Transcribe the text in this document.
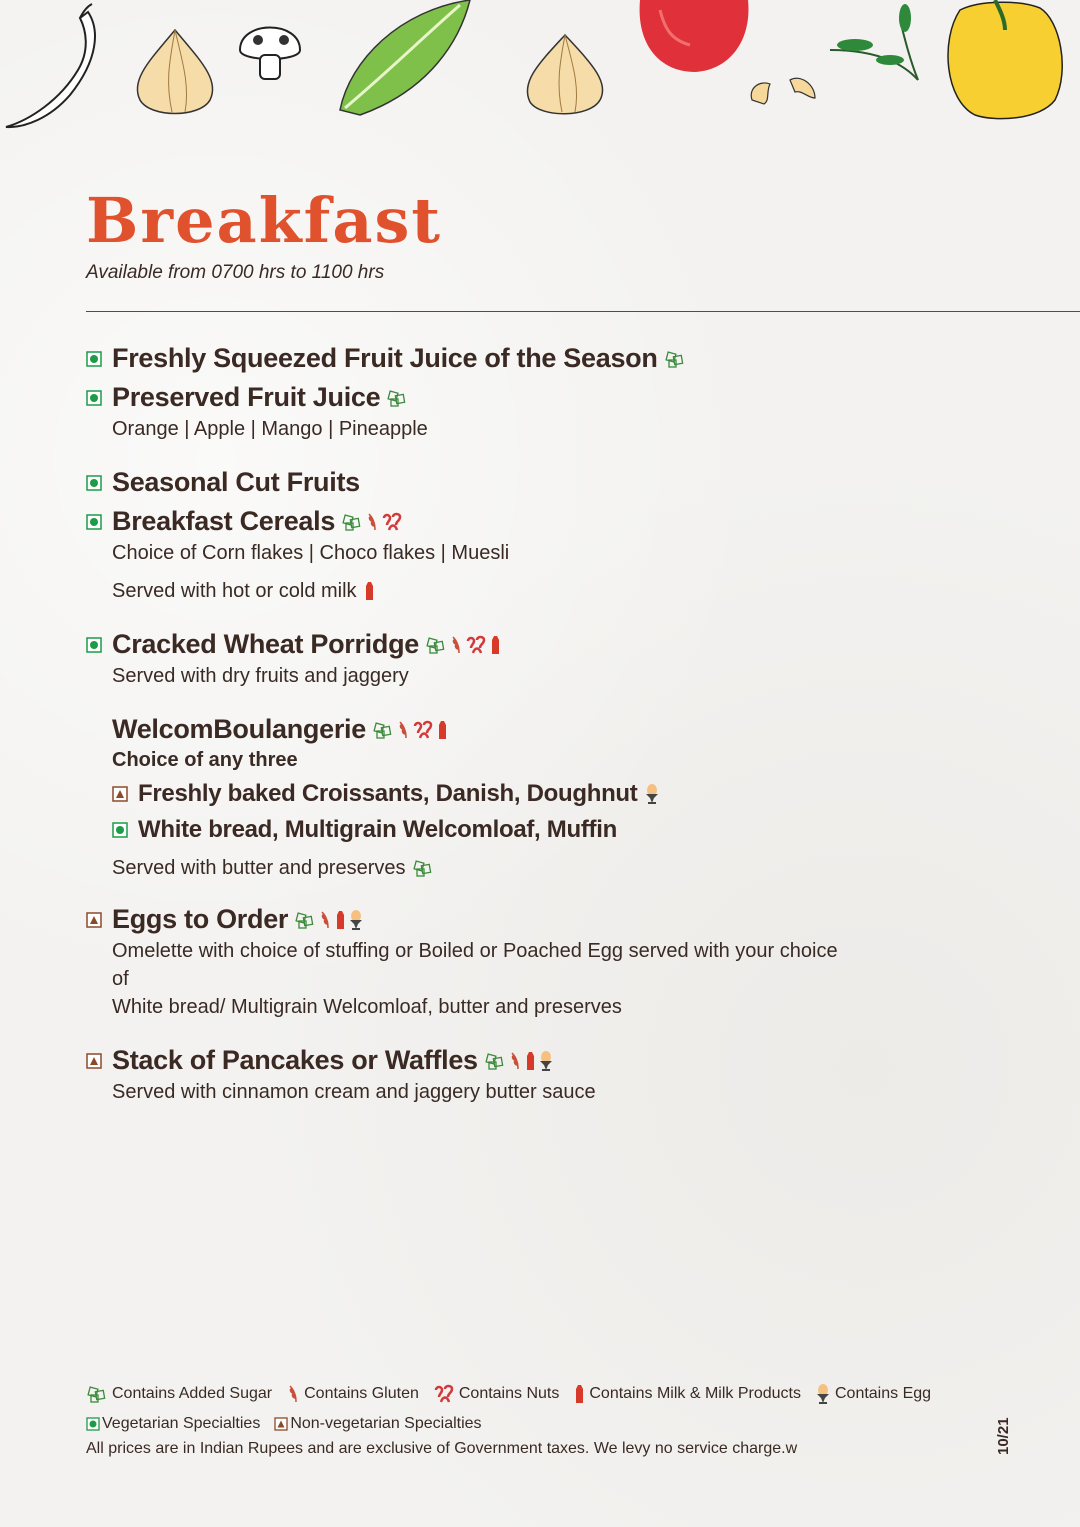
Breakfast
Available from 0700 hrs to 1100 hrs
Freshly Squeezed Fruit Juice of the Season
Preserved Fruit Juice
Orange | Apple | Mango | Pineapple
Seasonal Cut Fruits
Breakfast Cereals
Choice of Corn flakes | Choco flakes | Muesli
Served with hot or cold milk
Cracked Wheat Porridge
Served with dry fruits and jaggery
WelcomBoulangerie
Choice of any three
Freshly baked Croissants, Danish, Doughnut
White bread, Multigrain Welcomloaf, Muffin
Served with butter and preserves
Eggs to Order
Omelette with choice of stuffing or Boiled or Poached Egg served with your choice of
White bread/ Multigrain Welcomloaf, butter and preserves
Stack of Pancakes or Waffles
Served with cinnamon cream and jaggery butter sauce
Contains Added Sugar Contains Gluten	Contains Nuts Contains Milk & Milk Products Contains Egg
Vegetarian Specialties Non-vegetarian Specialties
All prices are in Indian Rupees and are exclusive of Government taxes. We levy no service charge.w	10/21
